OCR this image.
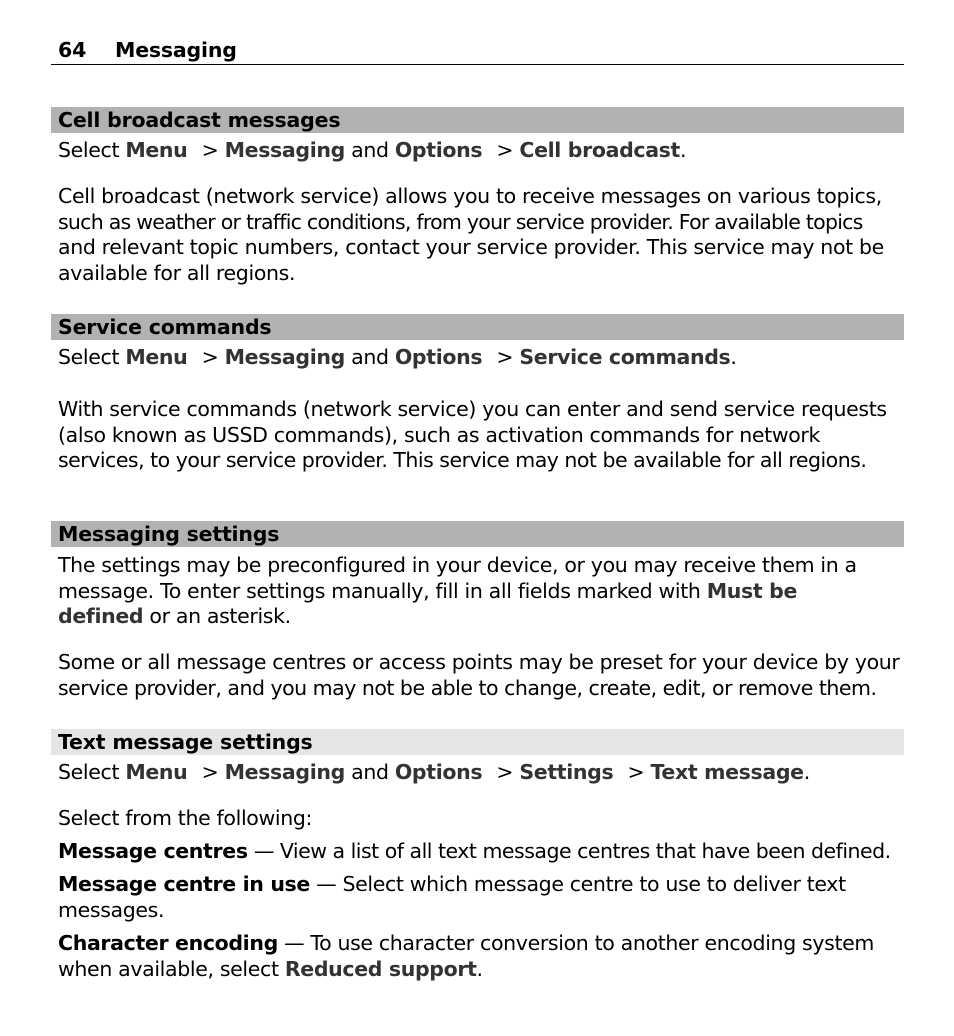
64 Messaging
Cell broadcast messages

Select Menu > Messaging and Options > Cell broadcast.

Cell broadcast (network service) allows you to receive messages on various topics,
such as weather or traffic conditions, from your service provider. For available topics
and relevant topic numbers, contact your service provider. This service may not be
available for all regions.

Service commands

Select Menu > Messaging and Options > Service commands.

With service commands (network service) you can enter and send service requests
(also known as USSD commands), such as activation commands for network
services, to your service provider. This service may not be available for all regions.

Messaging settings

The settings may be preconfigured in your device, or you may receive them in a
message. To enter settings manually, fill in all fields marked with Must be
defined or an asterisk.

Some or all message centres or access points may be preset for your device by your
service provider, and you may not be able to change, create, edit, or remove them.

Text message settings

Select Menu > Messaging and Options > Settings > Text message.

Select from the following:

Message centres — View a list of all text message centres that have been defined.

Message centre in use — Select which message centre to use to deliver text
messages.

Character encoding — To use character conversion to another encoding system
when available, select Reduced support.
